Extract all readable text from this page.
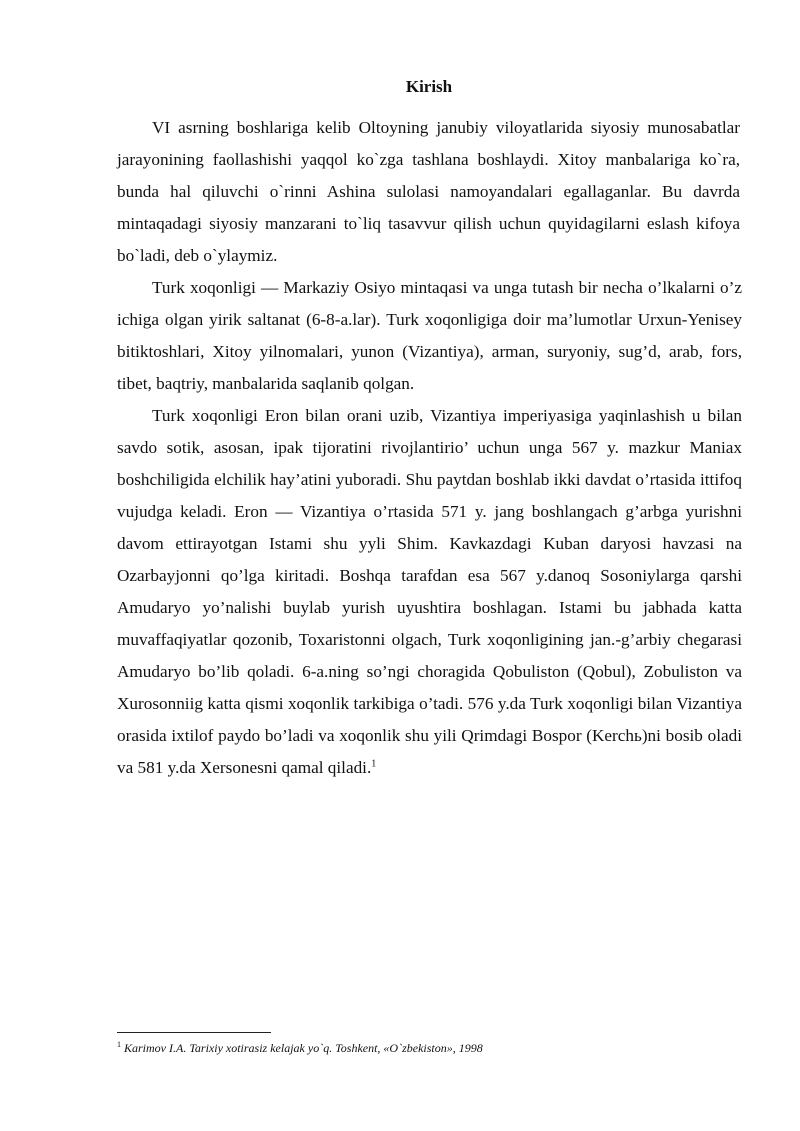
Kirish

VI asrning boshlariga kelib Oltoyning janubiy viloyatlarida siyosiy munosabatlar jarayonining faollashishi yaqqol ko`zga tashlana boshlaydi. Xitoy manbalariga ko`ra, bunda hal qiluvchi o`rinni Ashina sulolasi namoyandalari egallaganlar. Bu davrda mintaqadagi siyosiy manzarani to`liq tasavvur qilish uchun quyidagilarni eslash kifoya bo`ladi, deb o`ylaymiz.

Turk xoqonligi — Markaziy Osiyo mintaqasi va unga tutash bir necha o’lkalarni o’z ichiga olgan yirik saltanat (6-8-a.lar). Turk xoqonligiga doir ma’lumotlar Urxun-Yenisey bitiktoshlari, Xitoy yilnomalari, yunon (Vizantiya), arman, suryoniy, sug’d, arab, fors, tibet, baqtriy, manbalarida saqlanib qolgan.

Turk xoqonligi Eron bilan orani uzib, Vizantiya imperiyasiga yaqinlashish u bilan savdo sotik, asosan, ipak tijoratini rivojlantirio’ uchun unga 567 y. mazkur Maniax boshchiligida elchilik hay’atini yuboradi. Shu paytdan boshlab ikki davdat o’rtasida ittifoq vujudga keladi. Eron — Vizantiya o’rtasida 571 y. jang boshlangach g’arbga yurishni davom ettirayotgan Istami shu yyli Shim. Kavkazdagi Kuban daryosi havzasi na Ozarbayjonni qo’lga kiritadi. Boshqa tarafdan esa 567 y.danoq Sosoniylarga qarshi Amudaryo yo’nalishi buylab yurish uyushtira boshlagan. Istami bu jabhada katta muvaffaqiyatlar qozonib, Toxaristonni olgach, Turk xoqonligining jan.-g’arbiy chegarasi Amudaryo bo’lib qoladi. 6-a.ning so’ngi choragida Qobuliston (Qobul), Zobuliston va Xurosonniig katta qismi xoqonlik tarkibiga o’tadi. 576 y.da Turk xoqonligi bilan Vizantiya orasida ixtilof paydo bo’ladi va xoqonlik shu yili Qrimdagi Bospor (Kerchь)ni bosib oladi va 581 y.da Xersonesni qamal qiladi.$^1$

$^1$ Karimov I.A. Tarixiy xotirasiz kelajak yo`q. Toshkent, «O`zbekiston», 1998
